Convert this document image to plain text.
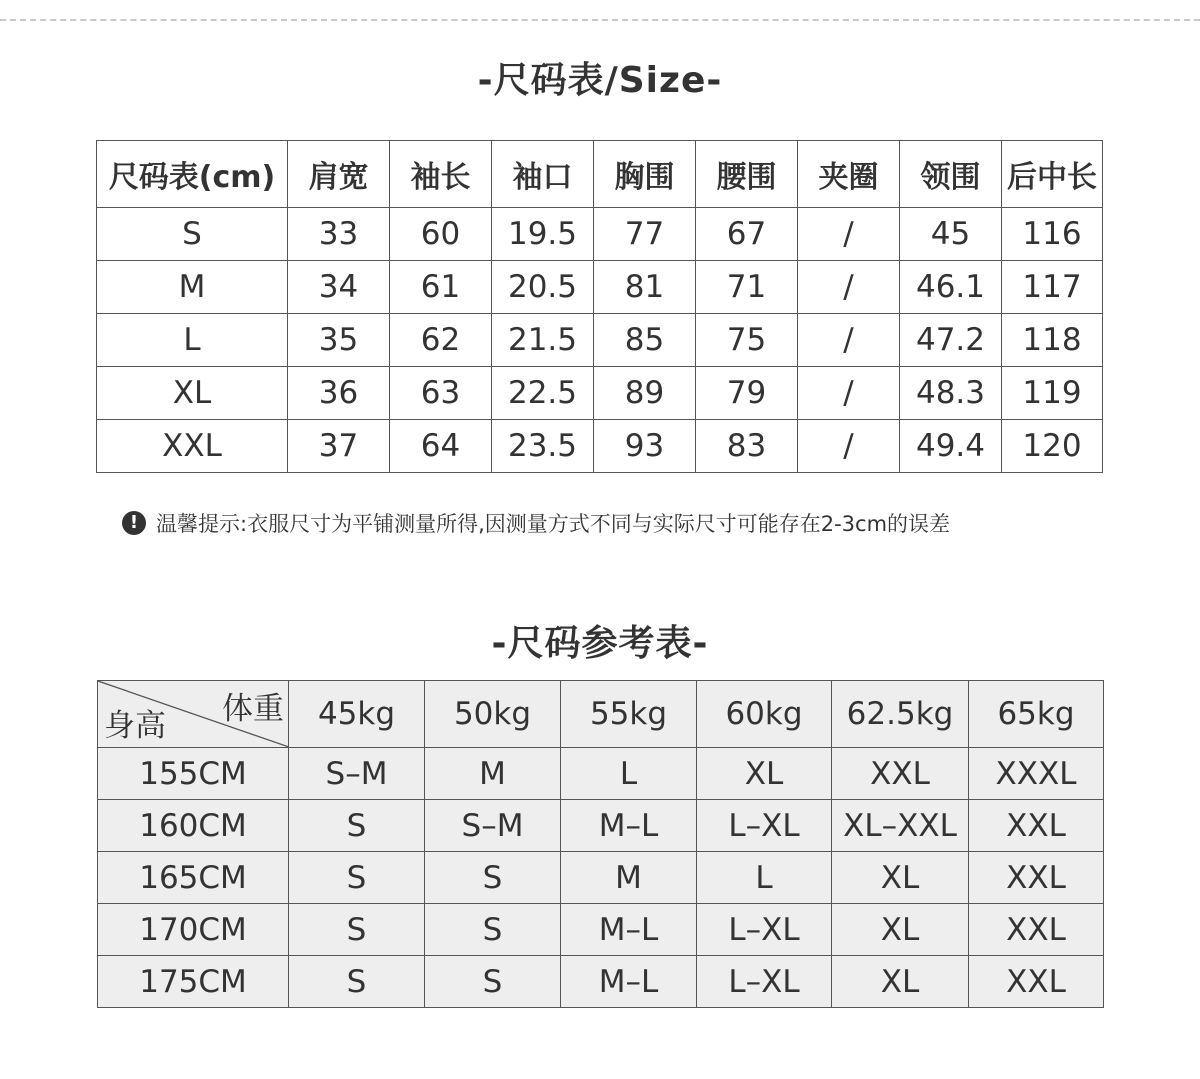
-尺码表/Size-
尺码表(cm)	肩宽	袖长	袖口	胸围	腰围	夹圈	领围	后中长
S	33	60	19.5	77	67	/	45	116
M	34	61	20.5	81	71	/	46.1	117
L	35	62	21.5	85	75	/	47.2	118
XL	36	63	22.5	89	79	/	48.3	119
XXL	37	64	23.5	93	83	/	49.4	120
! 温馨提示:衣服尺寸为平铺测量所得,因测量方式不同与实际尺寸可能存在2-3cm的误差
-尺码参考表-
体重
身高	45kg	50kg	55kg	60kg	62.5kg	65kg
155CM	S–M	M	L	XL	XXL	XXXL
160CM	S	S–M	M–L	L–XL	XL–XXL	XXL
165CM	S	S	M	L	XL	XXL
170CM	S	S	M–L	L–XL	XL	XXL
175CM	S	S	M–L	L–XL	XL	XXL
